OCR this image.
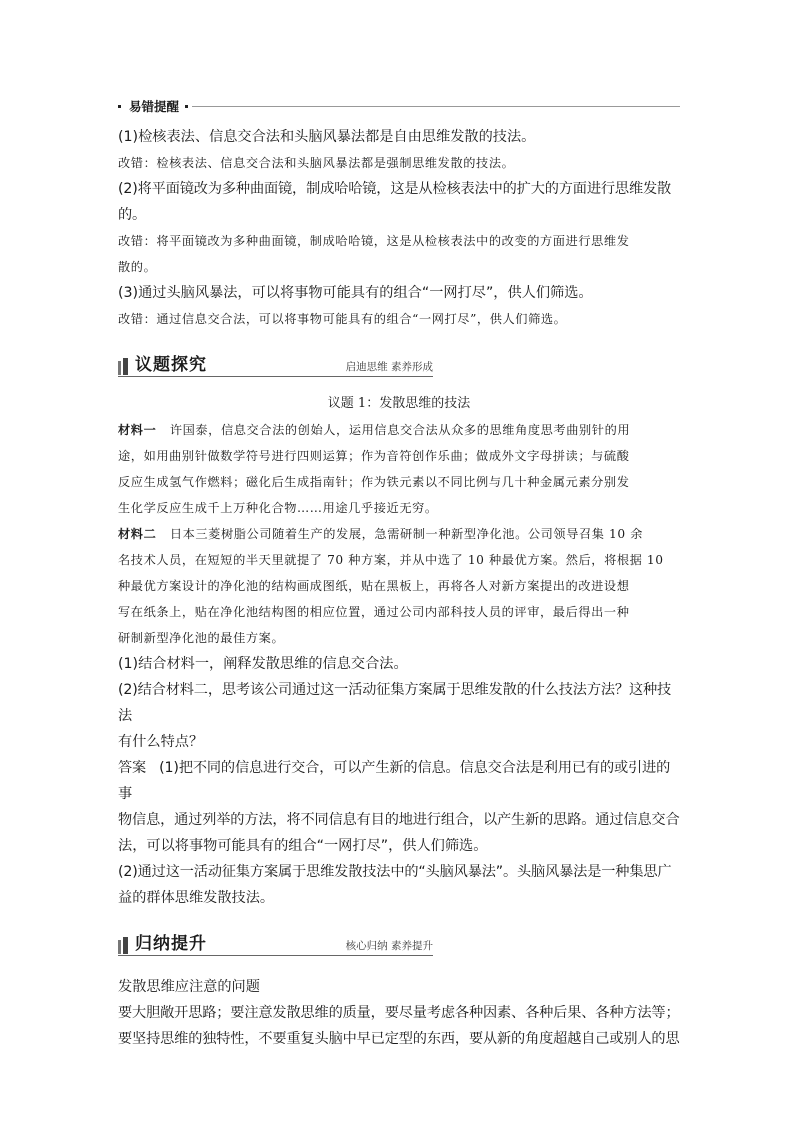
易错提醒

(1)检核表法、信息交合法和头脑风暴法都是自由思维发散的技法。

改错：检核表法、信息交合法和头脑风暴法都是强制思维发散的技法。

(2)将平面镜改为多种曲面镜，制成哈哈镜，这是从检核表法中的扩大的方面进行思维发散的。

改错：将平面镜改为多种曲面镜，制成哈哈镜，这是从检核表法中的改变的方面进行思维发

散的。

(3)通过头脑风暴法，可以将事物可能具有的组合“一网打尽”，供人们筛选。

改错：通过信息交合法，可以将事物可能具有的组合“一网打尽”，供人们筛选。

议题探究	启迪思维 素养形成

议题 1：发散思维的技法

材料一 许国泰，信息交合法的创始人，运用信息交合法从众多的思维角度思考曲别针的用

途，如用曲别针做数学符号进行四则运算；作为音符创作乐曲；做成外文字母拼读；与硫酸

反应生成氢气作燃料；磁化后生成指南针；作为铁元素以不同比例与几十种金属元素分别发

生化学反应生成千上万种化合物……用途几乎接近无穷。

材料二 日本三菱树脂公司随着生产的发展，急需研制一种新型净化池。公司领导召集 10 余

名技术人员，在短短的半天里就提了 70 种方案，并从中选了 10 种最优方案。然后，将根据 10

种最优方案设计的净化池的结构画成图纸，贴在黑板上，再将各人对新方案提出的改进设想

写在纸条上，贴在净化池结构图的相应位置，通过公司内部科技人员的评审，最后得出一种

研制新型净化池的最佳方案。

(1)结合材料一，阐释发散思维的信息交合法。

(2)结合材料二，思考该公司通过这一活动征集方案属于思维发散的什么技法方法？这种技法

有什么特点？

答案 (1)把不同的信息进行交合，可以产生新的信息。信息交合法是利用已有的或引进的事

物信息，通过列举的方法，将不同信息有目的地进行组合，以产生新的思路。通过信息交合

法，可以将事物可能具有的组合“一网打尽”，供人们筛选。

(2)通过这一活动征集方案属于思维发散技法中的“头脑风暴法”。头脑风暴法是一种集思广

益的群体思维发散技法。

归纳提升	核心归纳 素养提升

发散思维应注意的问题

要大胆敞开思路；要注意发散思维的质量，要尽量考虑各种因素、各种后果、各种方法等；

要坚持思维的独特性，不要重复头脑中早已定型的东西，要从新的角度超越自己或别人的思
